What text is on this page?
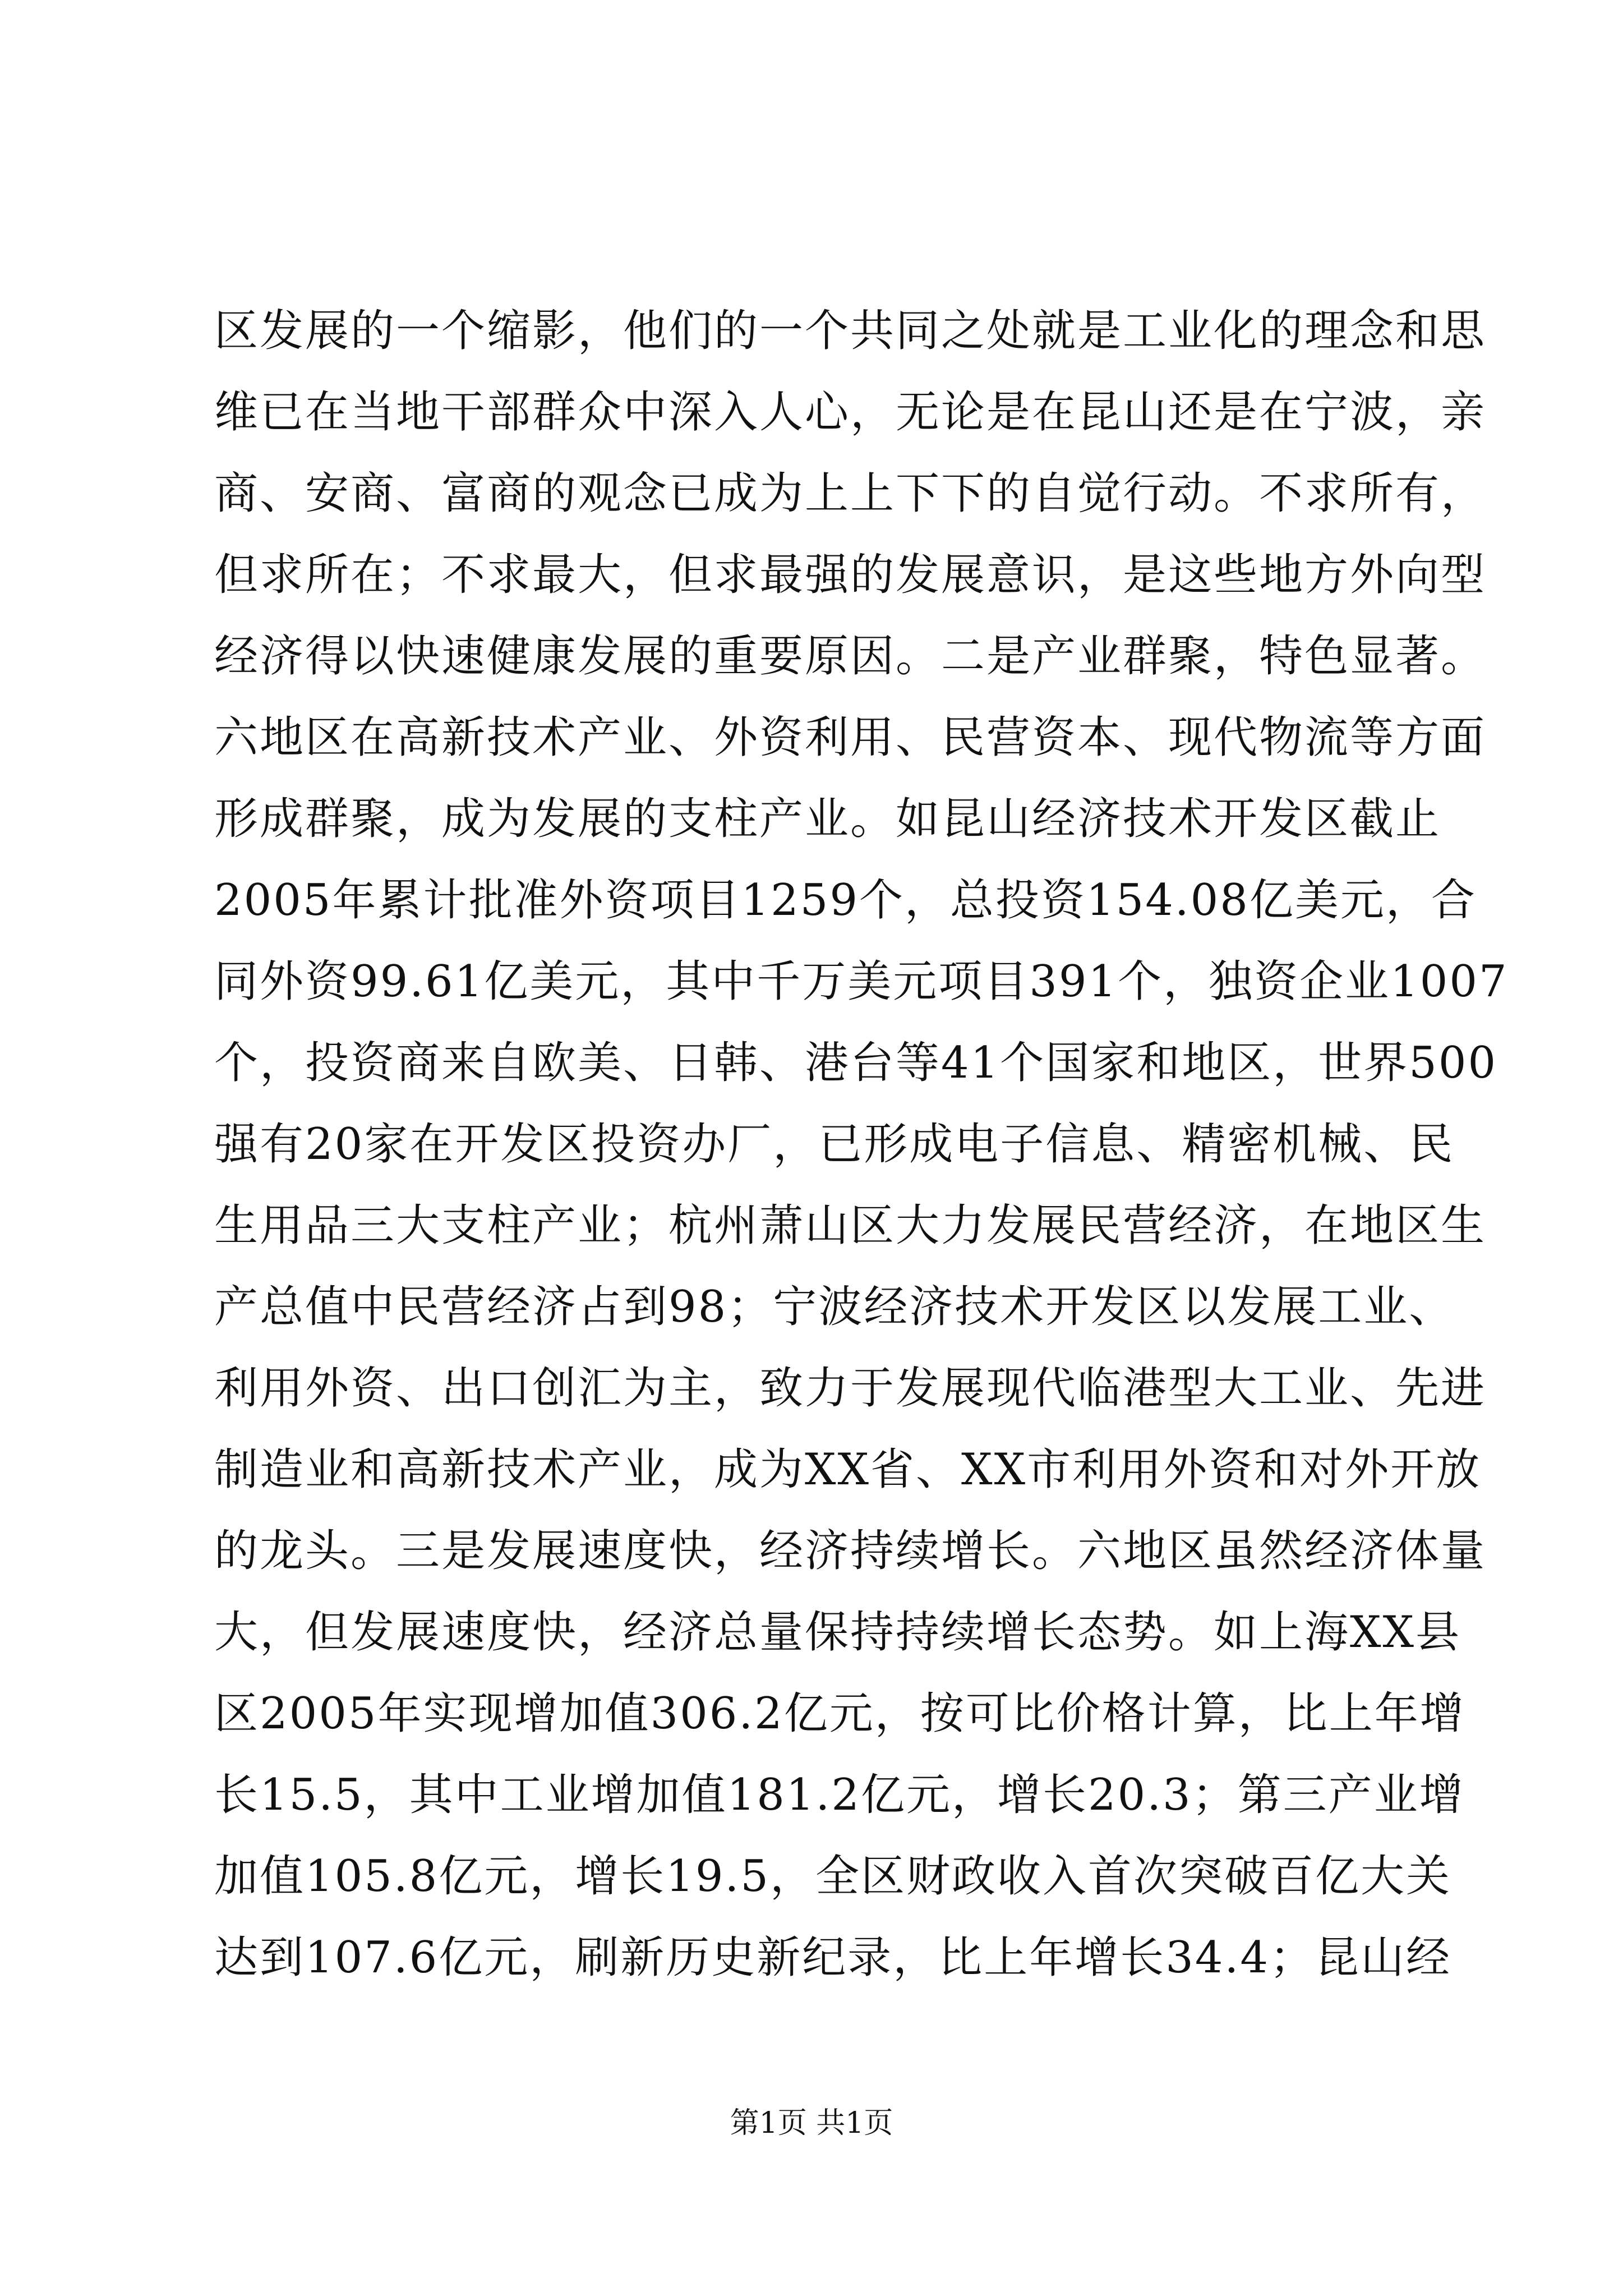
区发展的一个缩影，他们的一个共同之处就是工业化的理念和思
维已在当地干部群众中深入人心，无论是在昆山还是在宁波，亲
商、安商、富商的观念已成为上上下下的自觉行动。不求所有，
但求所在；不求最大，但求最强的发展意识，是这些地方外向型
经济得以快速健康发展的重要原因。二是产业群聚，特色显著。
六地区在高新技术产业、外资利用、民营资本、现代物流等方面
形成群聚，成为发展的支柱产业。如昆山经济技术开发区截止
2005年累计批准外资项目1259个，总投资154.08亿美元，合
同外资99.61亿美元，其中千万美元项目391个，独资企业1007
个，投资商来自欧美、日韩、港台等41个国家和地区，世界500
强有20家在开发区投资办厂，已形成电子信息、精密机械、民
生用品三大支柱产业；杭州萧山区大力发展民营经济，在地区生
产总值中民营经济占到98；宁波经济技术开发区以发展工业、
利用外资、出口创汇为主，致力于发展现代临港型大工业、先进
制造业和高新技术产业，成为XX省、XX市利用外资和对外开放
的龙头。三是发展速度快，经济持续增长。六地区虽然经济体量
大，但发展速度快，经济总量保持持续增长态势。如上海XX县
区2005年实现增加值306.2亿元，按可比价格计算，比上年增
长15.5，其中工业增加值181.2亿元，增长20.3；第三产业增
加值105.8亿元，增长19.5，全区财政收入首次突破百亿大关
达到107.6亿元，刷新历史新纪录，比上年增长34.4；昆山经
第1页 共1页
